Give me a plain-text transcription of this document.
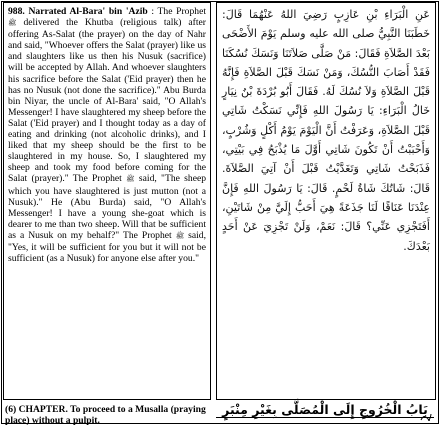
988. Narrated Al-Bara' bin 'Azib : The Prophet ﷺ delivered the Khutba (religious talk) after offering As-Salat (the prayer) on the day of Nahr and said, "Whoever offers the Salat (prayer) like us and slaughters like us then his Nusuk (sacrifice) will be accepted by Allah. And whoever slaughters his sacrifice before the Salat ('Eid prayer) then he has no Nusuk (not done the sacrifice)." Abu Burda bin Niyar, the uncle of Al-Bara' said, "O Allah's Messenger! I have slaughtered my sheep before the Salat ('Eid prayer) and I thought today as a day of eating and drinking (not alcoholic drinks), and I liked that my sheep should be the first to be slaughtered in my house. So, I slaughtered my sheep and took my food before coming for the Salat (prayer)." The Prophet ﷺ said, "The sheep which you have slaughtered is just mutton (not a Nusuk)." He (Abu Burda) said, "O Allah's Messenger! I have a young she-goat which is dearer to me than two sheep. Will that be sufficient as a Nusuk on my behalf?" The Prophet ﷺ said, "Yes, it will be sufficient for you but it will not be sufficient (as a Nusuk) for anyone else after you."
(6) CHAPTER. To proceed to a Musalla (praying place) without a pulpit.
عَنِ الْبَرَاءِ بْنِ عَازِبٍ رَضِيَ اللهُ عَنْهُمَا قَالَ: خَطَبَنَا النَّبِيُّ صلى الله عليه وسلم يَوْمَ الأَضْحَى بَعْدَ الصَّلاَةِ فَقَالَ: مَنْ صَلَّى صَلاَتَنَا وَنَسَكَ نُسُكَنَا فَقَدْ أَصَابَ النُّسُكَ، وَمَنْ نَسَكَ قَبْلَ الصَّلاَةِ فَإِنَّهُ قَبْلَ الصَّلاَةِ وَلاَ نُسُكَ لَهُ. فَقَالَ أَبُو بُرْدَةَ بْنُ نِيَارٍ خَالُ الْبَرَاءِ: يَا رَسُولَ اللهِ فَإِنِّي نَسَكْتُ شَاتِي قَبْلَ الصَّلاَةِ، وَعَرَفْتُ أَنَّ الْيَوْمَ يَوْمُ أَكْلٍ وَشُرْبٍ، وَأَحْبَبْتُ أَنْ تَكُونَ شَاتِي أَوَّلَ مَا يُذْبَحُ فِي بَيْتِي، فَذَبَحْتُ شَاتِي وَتَغَدَّيْتُ قَبْلَ أَنْ آتِيَ الصَّلاَةَ. قَالَ: شَاتُكَ شَاةُ لَحْمٍ. قَالَ: يَا رَسُولَ اللهِ فَإِنَّ عِنْدَنَا عَنَاقًا لَنَا جَذَعَةً هِيَ أَحَبُّ إِلَيَّ مِنْ شَاتَيْنِ، أَفَتَجْزِي عَنِّي؟ قَالَ: نَعَمْ، وَلَنْ تَجْزِيَ عَنْ أَحَدٍ بَعْدَكَ.
بَابُ الْخُرُوجِ إِلَى الْمُصَلَّى بِغَيْرِ مِنْبَرٍ
